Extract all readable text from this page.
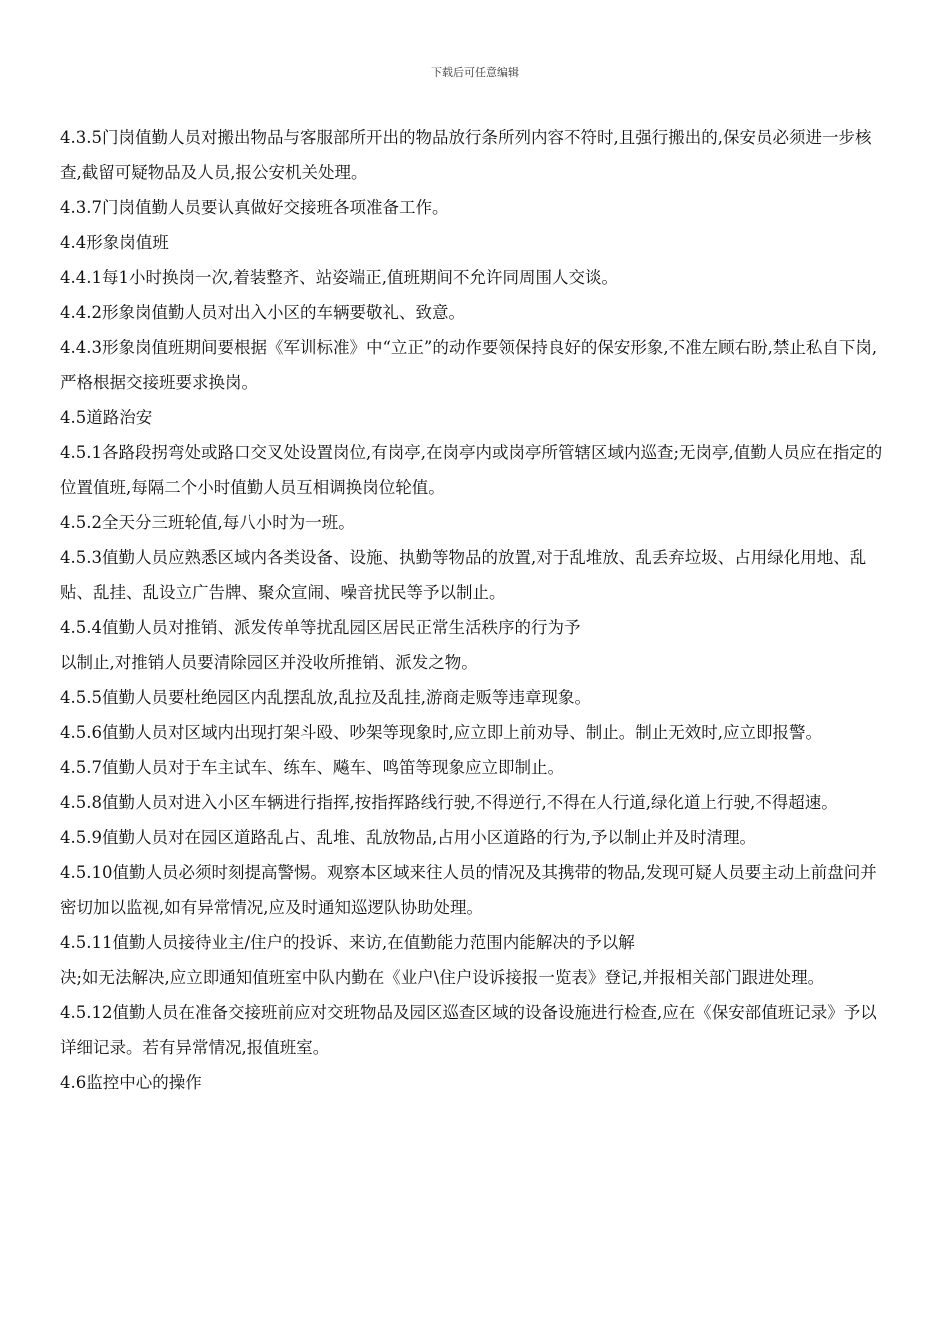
下载后可任意编辑

4.3.5门岗值勤人员对搬出物品与客服部所开出的物品放行条所列内容不符时,且强行搬出的,保安员必须进一步核查,截留可疑物品及人员,报公安机关处理。

4.3.7门岗值勤人员要认真做好交接班各项准备工作。

4.4形象岗值班

4.4.1每1小时换岗一次,着装整齐、站姿端正,值班期间不允许同周围人交谈。

4.4.2形象岗值勤人员对出入小区的车辆要敬礼、致意。

4.4.3形象岗值班期间要根据《军训标准》中“立正”的动作要领保持良好的保安形象,不准左顾右盼,禁止私自下岗,严格根据交接班要求换岗。

4.5道路治安

4.5.1各路段拐弯处或路口交叉处设置岗位,有岗亭,在岗亭内或岗亭所管辖区域内巡查;无岗亭,值勤人员应在指定的位置值班,每隔二个小时值勤人员互相调换岗位轮值。

4.5.2全天分三班轮值,每八小时为一班。

4.5.3值勤人员应熟悉区域内各类设备、设施、执勤等物品的放置,对于乱堆放、乱丢弃垃圾、占用绿化用地、乱贴、乱挂、乱设立广告牌、聚众宣闹、噪音扰民等予以制止。

4.5.4值勤人员对推销、派发传单等扰乱园区居民正常生活秩序的行为予

以制止,对推销人员要清除园区并没收所推销、派发之物。

4.5.5值勤人员要杜绝园区内乱摆乱放,乱拉及乱挂,游商走贩等违章现象。

4.5.6值勤人员对区域内出现打架斗殴、吵架等现象时,应立即上前劝导、制止。制止无效时,应立即报警。

4.5.7值勤人员对于车主试车、练车、飚车、鸣笛等现象应立即制止。

4.5.8值勤人员对进入小区车辆进行指挥,按指挥路线行驶,不得逆行,不得在人行道,绿化道上行驶,不得超速。

4.5.9值勤人员对在园区道路乱占、乱堆、乱放物品,占用小区道路的行为,予以制止并及时清理。

4.5.10值勤人员必须时刻提高警惕。观察本区域来往人员的情况及其携带的物品,发现可疑人员要主动上前盘问并密切加以监视,如有异常情况,应及时通知巡逻队协助处理。

4.5.11值勤人员接待业主/住户的投诉、来访,在值勤能力范围内能解决的予以解

决;如无法解决,应立即通知值班室中队内勤在《业户\住户设诉接报一览表》登记,并报相关部门跟进处理。

4.5.12值勤人员在准备交接班前应对交班物品及园区巡查区域的设备设施进行检查,应在《保安部值班记录》予以详细记录。若有异常情况,报值班室。

4.6监控中心的操作
